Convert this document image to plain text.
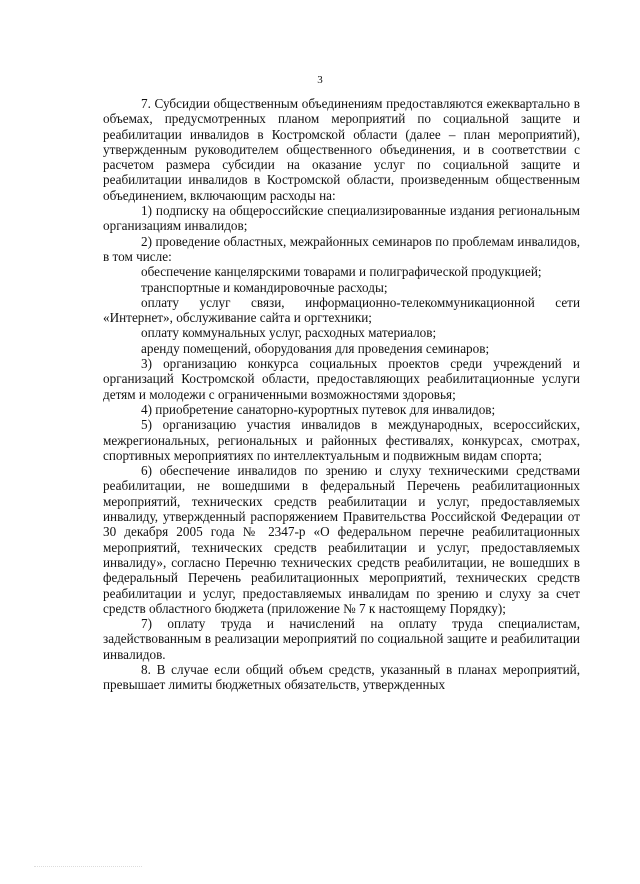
3

7. Субсидии общественным объединениям предоставляются ежеквартально в объемах, предусмотренных планом мероприятий по социальной защите и реабилитации инвалидов в Костромской области (далее – план мероприятий), утвержденным руководителем общественного объединения, и в соответствии с расчетом размера субсидии на оказание услуг по социальной защите и реабилитации инвалидов в Костромской области, произведенным общественным объединением, включающим расходы на:

1) подписку на общероссийские специализированные издания региональным организациям инвалидов;

2) проведение областных, межрайонных семинаров по проблемам инвалидов, в том числе:

обеспечение канцелярскими товарами и полиграфической продукцией;

транспортные и командировочные расходы;

оплату услуг связи, информационно-телекоммуникационной сети «Интернет», обслуживание сайта и оргтехники;

оплату коммунальных услуг, расходных материалов;

аренду помещений, оборудования для проведения семинаров;

3) организацию конкурса социальных проектов среди учреждений и организаций Костромской области, предоставляющих реабилитационные услуги детям и молодежи с ограниченными возможностями здоровья;

4) приобретение санаторно-курортных путевок для инвалидов;

5) организацию участия инвалидов в международных, всероссийских, межрегиональных, региональных и районных фестивалях, конкурсах, смотрах, спортивных мероприятиях по интеллектуальным и подвижным видам спорта;

6) обеспечение инвалидов по зрению и слуху техническими средствами реабилитации, не вошедшими в федеральный Перечень реабилитационных мероприятий, технических средств реабилитации и услуг, предоставляемых инвалиду, утвержденный распоряжением Правительства Российской Федерации от 30 декабря 2005 года № 2347-р «О федеральном перечне реабилитационных мероприятий, технических средств реабилитации и услуг, предоставляемых инвалиду», согласно Перечню технических средств реабилитации, не вошедших в федеральный Перечень реабилитационных мероприятий, технических средств реабилитации и услуг, предоставляемых инвалидам по зрению и слуху за счет средств областного бюджета (приложение № 7 к настоящему Порядку);

7) оплату труда и начислений на оплату труда специалистам, задействованным в реализации мероприятий по социальной защите и реабилитации инвалидов.

8. В случае если общий объем средств, указанный в планах мероприятий, превышает лимиты бюджетных обязательств, утвержденных
